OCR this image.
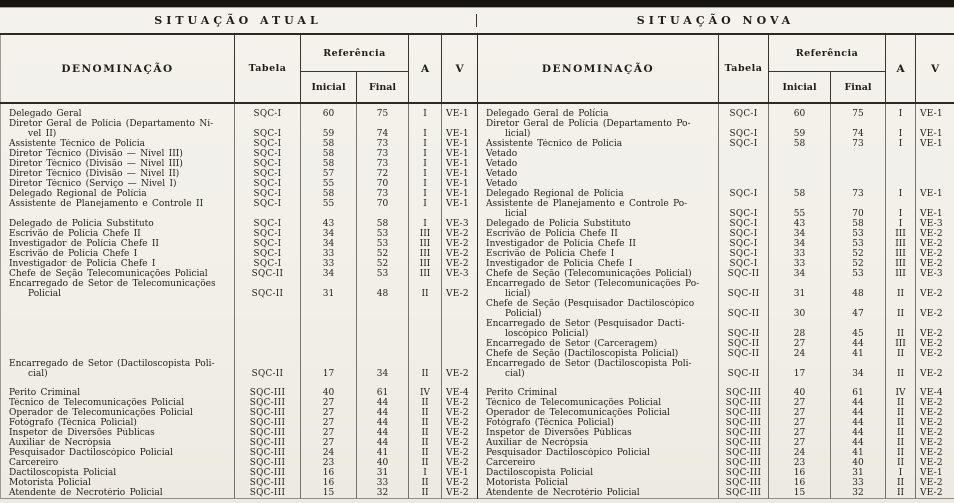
SITUAÇÃO ATUAL	SITUAÇÃO NOVA
DENOMINAÇÃO	Tabela	Referência		A	V	DENOMINAÇÃO	Tabela	Referência		A	V
		Inicial	Final					Inicial	Final		
Delegado Geral	SQC-I	60	75	I	VE-1	Delegado Geral de Polícia	SQC-I	60	75	I	VE-1
Diretor Geral de Polícia (Departamento Ní-						Diretor Geral de Polícia (Departamento Po-					
vel II)	SQC-I	59	74	I	VE-1	licial)	SQC-I	59	74	I	VE-1
Assistente Técnico de Polícia	SQC-I	58	73	I	VE-1	Assistente Técnico de Polícia	SQC-I	58	73	I	VE-1
Diretor Técnico (Divisão — Nível III)	SQC-I	58	73	I	VE-1	Vetado					
Diretor Técnico (Divisão — Nível III)	SQC-I	58	73	I	VE-1	Vetado					
Diretor Técnico (Divisão — Nível II)	SQC-I	57	72	I	VE-1	Vetado					
Diretor Técnico (Serviço — Nível I)	SQC-I	55	70	I	VE-1	Vetado					
Delegado Regional de Polícia	SQC-I	58	73	I	VE-1	Delegado Regional de Polícia	SQC-I	58	73	I	VE-1
Assistente de Planejamento e Controle II	SQC-I	55	70	I	VE-1	Assistente de Planejamento e Controle Po-					
						licial	SQC-I	55	70	I	VE-1
Delegado de Polícia Substituto	SQC-I	43	58	I	VE-3	Delegado de Polícia Substituto	SQC-I	43	58	I	VE-3
Escrivão de Polícia Chefe II	SQC-I	34	53	III	VE-2	Escrivão de Polícia Chefe II	SQC-I	34	53	III	VE-2
Investigador de Polícia Chefe II	SQC-I	34	53	III	VE-2	Investigador de Polícia Chefe II	SQC-I	34	53	III	VE-2
Escrivão de Polícia Chefe I	SQC-I	33	52	III	VE-2	Escrivão de Polícia Chefe I	SQC-I	33	52	III	VE-2
Investigador de Polícia Chefe I	SQC-I	33	52	III	VE-2	Investigador de Polícia Chefe I	SQC-I	33	52	III	VE-2
Chefe de Seção Telecomunicações Policial	SQC-II	34	53	III	VE-3	Chefe de Seção (Telecomunicações Policial)	SQC-II	34	53	III	VE-3
Encarregado de Setor de Telecomunicações						Encarregado de Setor (Telecomunicações Po-					
Policial	SQC-II	31	48	II	VE-2	licial)	SQC-II	31	48	II	VE-2
						Chefe de Seção (Pesquisador Dactiloscópico					
						Policial)	SQC-II	30	47	II	VE-2
						Encarregado de Setor (Pesquisador Dacti-					
						loscópico Policial)	SQC-II	28	45	II	VE-2
						Encarregado de Setor (Carceragem)	SQC-II	27	44	III	VE-2
						Chefe de Seção (Dactiloscopista Policial)	SQC-II	24	41	II	VE-2
Encarregado de Setor (Dactiloscopista Poli-						Encarregado de Setor (Dactiloscopista Poli-					
cial)	SQC-II	17	34	II	VE-2	cial)	SQC-II	17	34	II	VE-2
Perito Criminal	SQC-III	40	61	IV	VE-4	Perito Criminal	SQC-III	40	61	IV	VE-4
Técnico de Telecomunicações Policial	SQC-III	27	44	II	VE-2	Técnico de Telecomunicações Policial	SQC-III	27	44	II	VE-2
Operador de Telecomunicações Policial	SQC-III	27	44	II	VE-2	Operador de Telecomunicações Policial	SQC-III	27	44	II	VE-2
Fotógrafo (Técnica Policial)	SQC-III	27	44	II	VE-2	Fotógrafo (Técnica Policial)	SQC-III	27	44	II	VE-2
Inspetor de Diversões Públicas	SQC-III	27	44	II	VE-2	Inspetor de Diversões Públicas	SQC-III	27	44	II	VE-2
Auxiliar de Necrópsia	SQC-III	27	44	II	VE-2	Auxiliar de Necrópsia	SQC-III	27	44	II	VE-2
Pesquisador Dactiloscópico Policial	SQC-III	24	41	II	VE-2	Pesquisador Dactiloscópico Policial	SQC-III	24	41	II	VE-2
Carcereiro	SQC-III	23	40	II	VE-2	Carcereiro	SQC-III	23	40	II	VE-2
Dactiloscopista Policial	SQC-III	16	31	I	VE-1	Dactiloscopista Policial	SQC-III	16	31	I	VE-1
Motorista Policial	SQC-III	16	33	II	VE-2	Motorista Policial	SQC-III	16	33	II	VE-2
Atendente de Necrotério Policial	SQC-III	15	32	II	VE-2	Atendente de Necrotério Policial	SQC-III	15	32	II	VE-2
